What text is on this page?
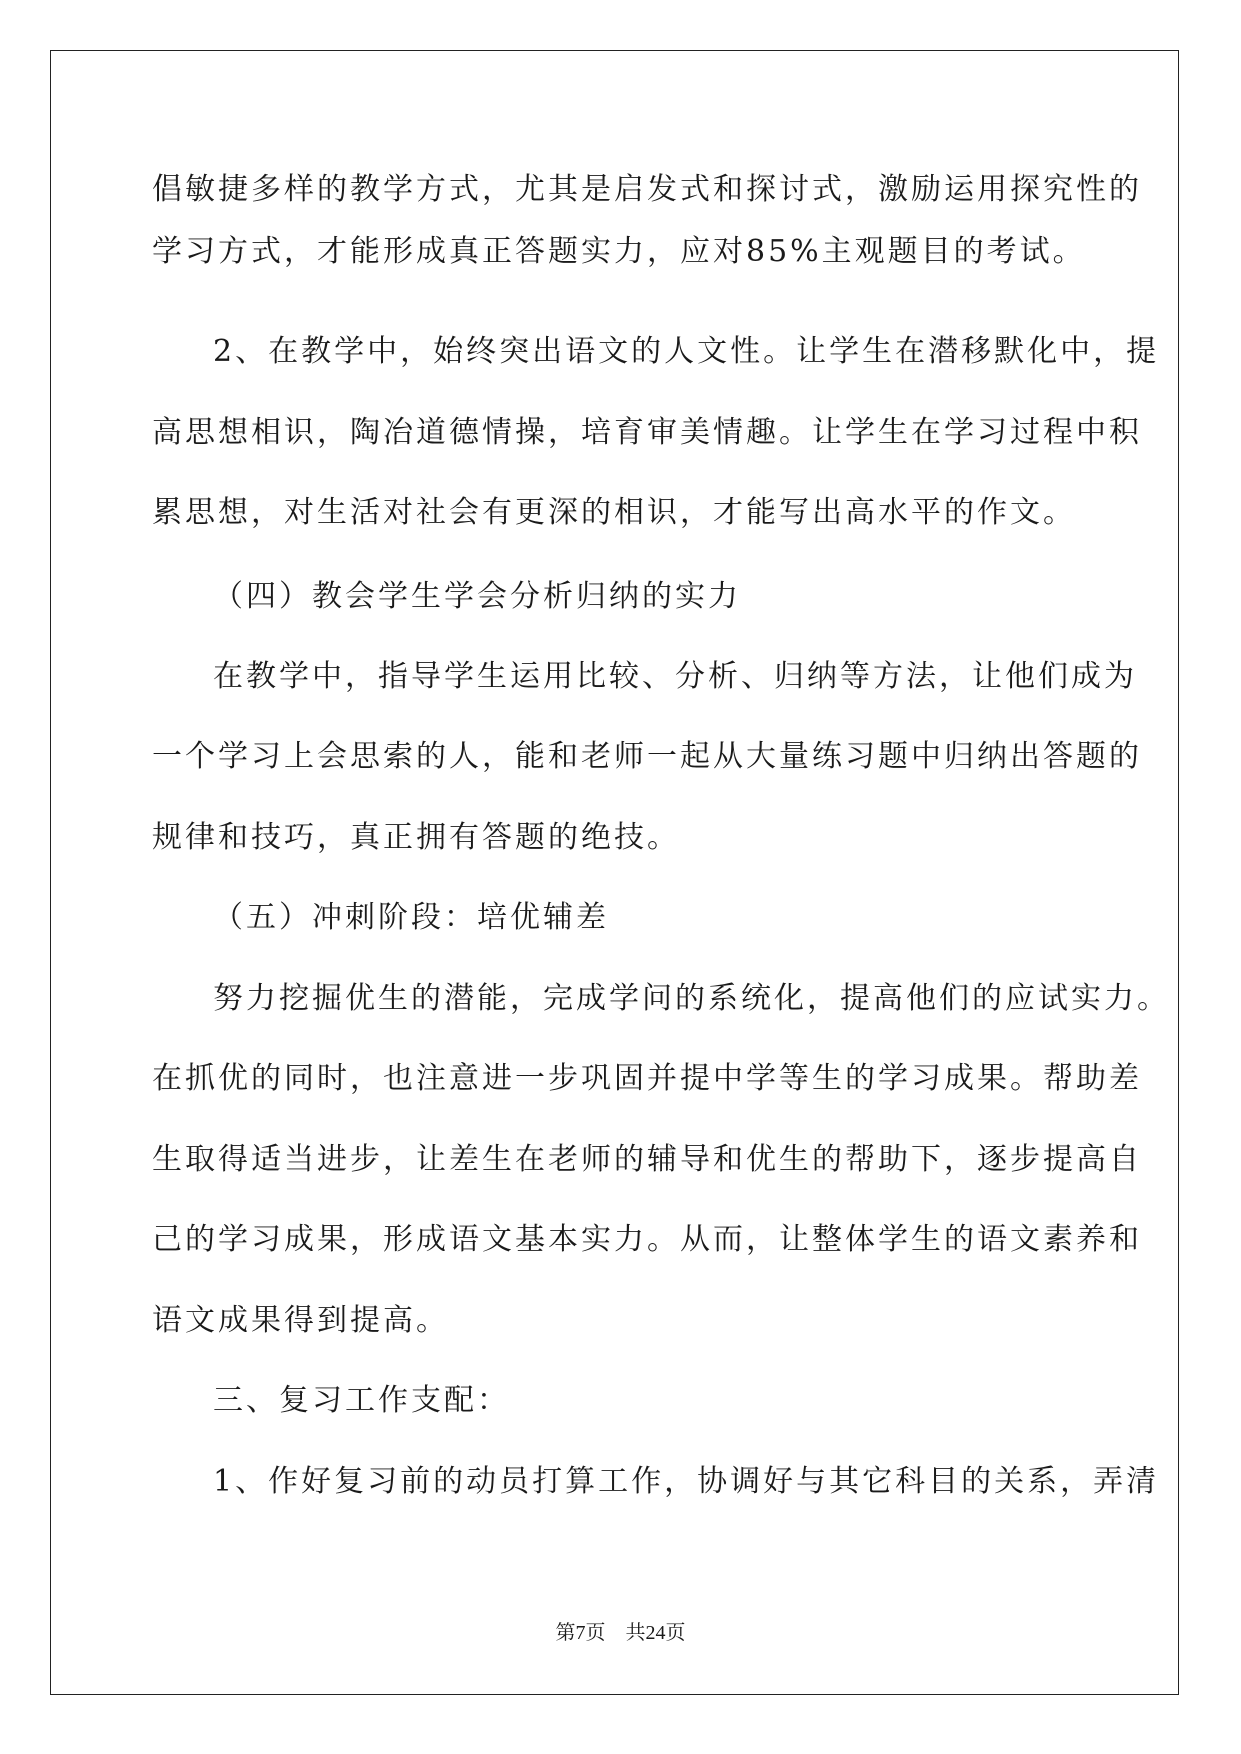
倡敏捷多样的教学方式，尤其是启发式和探讨式，激励运用探究性的
学习方式，才能形成真正答题实力，应对85%主观题目的考试。
2、在教学中，始终突出语文的人文性。让学生在潜移默化中，提
高思想相识，陶冶道德情操，培育审美情趣。让学生在学习过程中积
累思想，对生活对社会有更深的相识，才能写出高水平的作文。
（四）教会学生学会分析归纳的实力
在教学中，指导学生运用比较、分析、归纳等方法，让他们成为
一个学习上会思索的人，能和老师一起从大量练习题中归纳出答题的
规律和技巧，真正拥有答题的绝技。
（五）冲刺阶段：培优辅差
努力挖掘优生的潜能，完成学问的系统化，提高他们的应试实力。
在抓优的同时，也注意进一步巩固并提中学等生的学习成果。帮助差
生取得适当进步，让差生在老师的辅导和优生的帮助下，逐步提高自
己的学习成果，形成语文基本实力。从而，让整体学生的语文素养和
语文成果得到提高。
三、复习工作支配：
1、作好复习前的动员打算工作，协调好与其它科目的关系，弄清
第7页 共24页
